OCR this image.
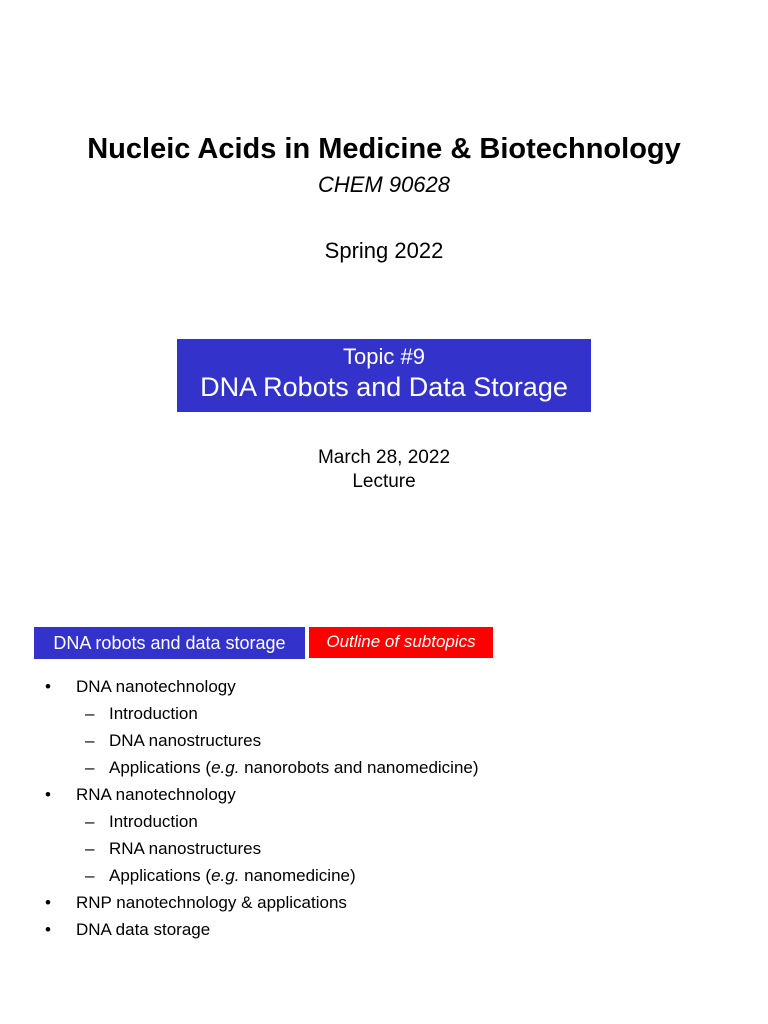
Nucleic Acids in Medicine & Biotechnology
CHEM 90628
Spring 2022
Topic #9
DNA Robots and Data Storage
March 28, 2022
Lecture
DNA robots and data storage	Outline of subtopics
• DNA nanotechnology
– Introduction
– DNA nanostructures
– Applications (e.g. nanorobots and nanomedicine)
• RNA nanotechnology
– Introduction
– RNA nanostructures
– Applications (e.g. nanomedicine)
• RNP nanotechnology & applications
• DNA data storage
